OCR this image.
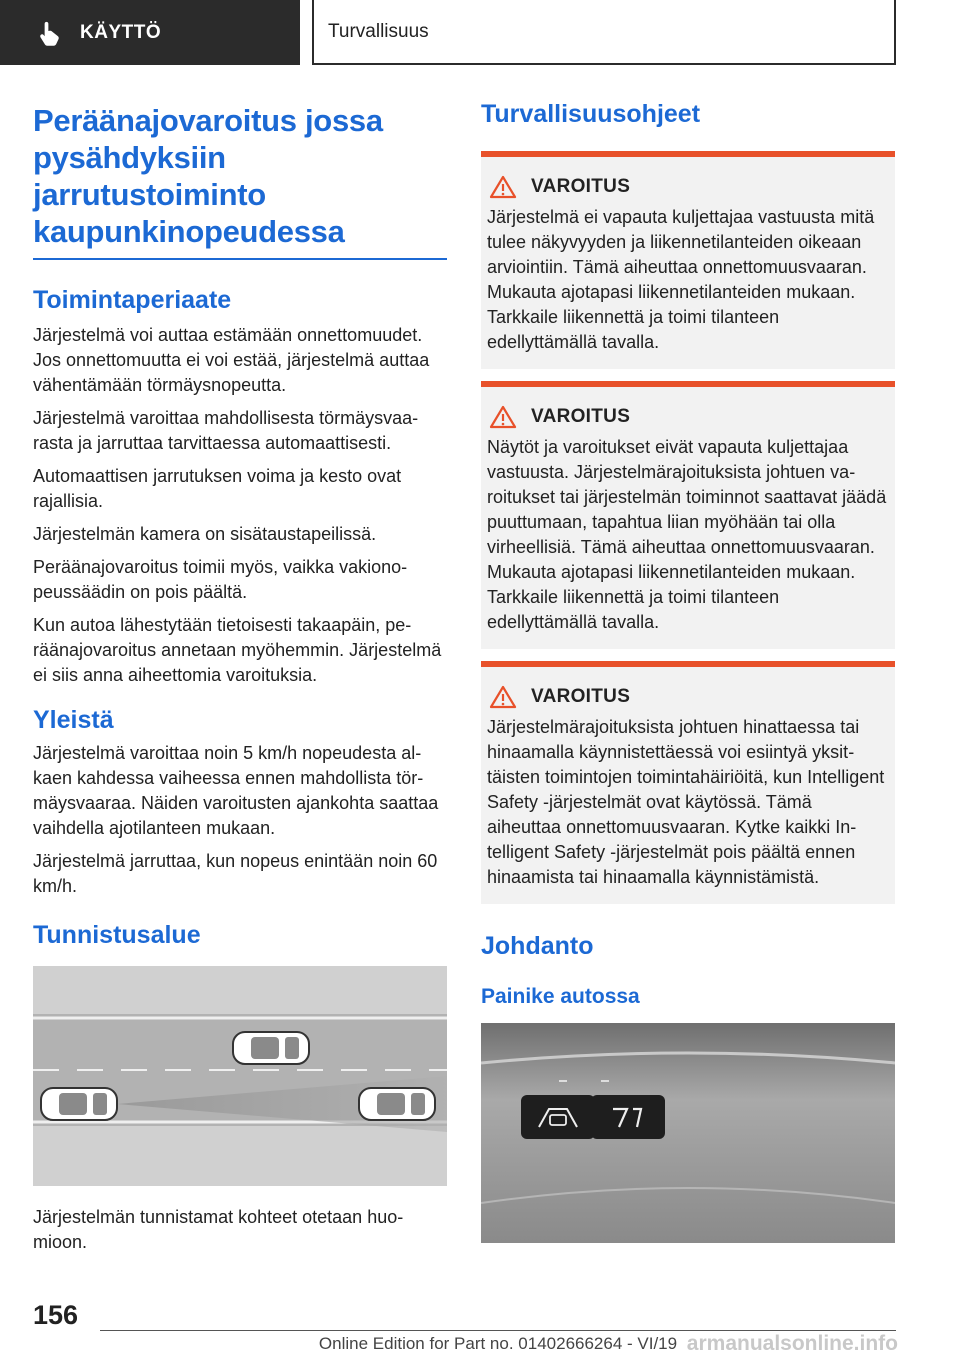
KÄYTTÖ	Turvallisuus
Peräänajovaroitus jossa
pysähdyksiin
jarrutustoiminto
kaupunkinopeudessa
Toimintaperiaate

Järjestelmä voi auttaa estämään onnettomuudet. Jos onnettomuutta ei voi estää, järjestelmä auttaa vähentämään törmäysnopeutta.

Järjestelmä varoittaa mahdollisesta törmäysvaarasta ja jarruttaa tarvittaessa automaattisesti.

Automaattisen jarrutuksen voima ja kesto ovat rajallisia.

Järjestelmän kamera on sisätaustapeilissä.

Peräänajovaroitus toimii myös, vaikka vakionopeussäädin on pois päältä.

Kun autoa lähestytään tietoisesti takaapäin, peräänajovaroitus annetaan myöhemmin. Järjestelmä ei siis anna aiheettomia varoituksia.

Yleistä

Järjestelmä varoittaa noin 5 km/h nopeudesta alkaen kahdessa vaiheessa ennen mahdollista törmäysvaaraa. Näiden varoitusten ajankohta saattaa vaihdella ajotilanteen mukaan.

Järjestelmä jarruttaa, kun nopeus enintään noin 60 km/h.

Tunnistusalue

Järjestelmän tunnistamat kohteet otetaan huomioon.

Turvallisuusohjeet
VAROITUS

Järjestelmä ei vapauta kuljettajaa vastuusta mitä tulee näkyvyyden ja liikennetilanteiden oikeaan arviointiin. Tämä aiheuttaa onnettomuusvaaran. Mukauta ajotapasi liikennetilanteiden mukaan. Tarkkaile liikennettä ja toimi tilanteen edellyttämällä tavalla.

VAROITUS

Näytöt ja varoitukset eivät vapauta kuljettajaa vastuusta. Järjestelmärajoituksista johtuen varoitukset tai järjestelmän toiminnot saattavat jäädä puuttumaan, tapahtua liian myöhään tai olla virheellisiä. Tämä aiheuttaa onnettomuusvaaran. Mukauta ajotapasi liikennetilanteiden mukaan. Tarkkaile liikennettä ja toimi tilanteen edellyttämällä tavalla.

VAROITUS

Järjestelmärajoituksista johtuen hinattaessa tai hinaamalla käynnistettäessä voi esiintyä yksittäisten toimintojen toimintahäiriöitä, kun Intelligent Safety ‑järjestelmät ovat käytössä. Tämä aiheuttaa onnettomuusvaaran. Kytke kaikki Intelligent Safety ‑järjestelmät pois päältä ennen hinaamista tai hinaamalla käynnistämistä.

Johdanto
Painike autossa
156
Online Edition for Part no. 01402666264 - VI/19 armanualsonline.info
